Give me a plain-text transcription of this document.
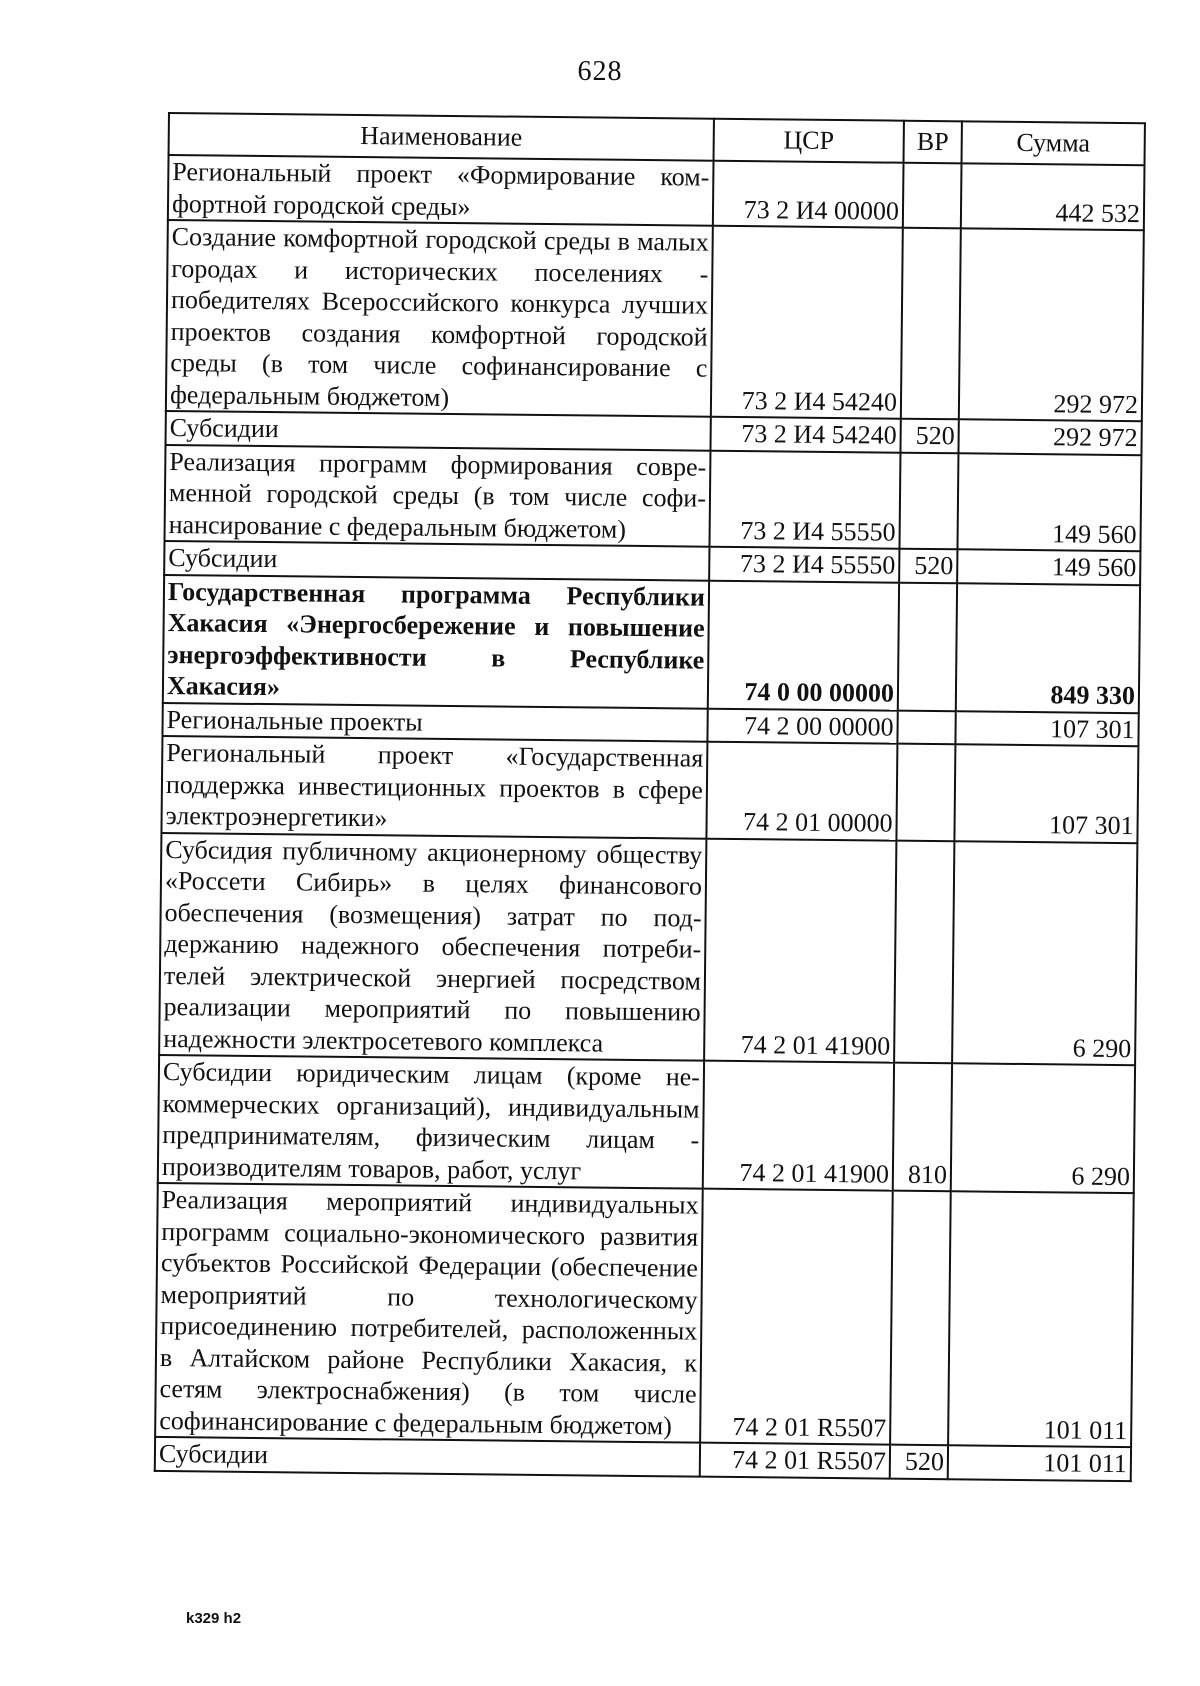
628
Наименование	ЦСР	ВР	Сумма
Региональный проект «Формирование комфортной городской среды»	73 2 И4 00000		442 532
Создание комфортной городской среды в малых городах и исторических поселениях - победителях Всероссийского конкурса лучших проектов создания комфортной городской среды (в том числе софинансирование с федеральным бюджетом)	73 2 И4 54240		292 972
Субсидии	73 2 И4 54240	520	292 972
Реализация программ формирования современной городской среды (в том числе софинансирование с федеральным бюджетом)	73 2 И4 55550		149 560
Субсидии	73 2 И4 55550	520	149 560
Государственная программа Республики Хакасия «Энергосбережение и повышение энергоэффективности в Республике Хакасия»	74 0 00 00000		849 330
Региональные проекты	74 2 00 00000		107 301
Региональный проект «Государственная поддержка инвестиционных проектов в сфере электроэнергетики»	74 2 01 00000		107 301
Субсидия публичному акционерному обществу «Россети Сибирь» в целях финансового обеспечения (возмещения) затрат по поддержанию надежного обеспечения потребителей электрической энергией посредством реализации мероприятий по повышению надежности электросетевого комплекса	74 2 01 41900		6 290
Субсидии юридическим лицам (кроме некоммерческих организаций), индивидуальным предпринимателям, физическим лицам - производителям товаров, работ, услуг	74 2 01 41900	810	6 290
Реализация мероприятий индивидуальных программ социально-экономического развития субъектов Российской Федерации (обеспечение мероприятий по технологическому присоединению потребителей, расположенных в Алтайском районе Республики Хакасия, к сетям электроснабжения) (в том числе софинансирование с федеральным бюджетом)	74 2 01 R5507		101 011
Субсидии	74 2 01 R5507	520	101 011
k329 h2
